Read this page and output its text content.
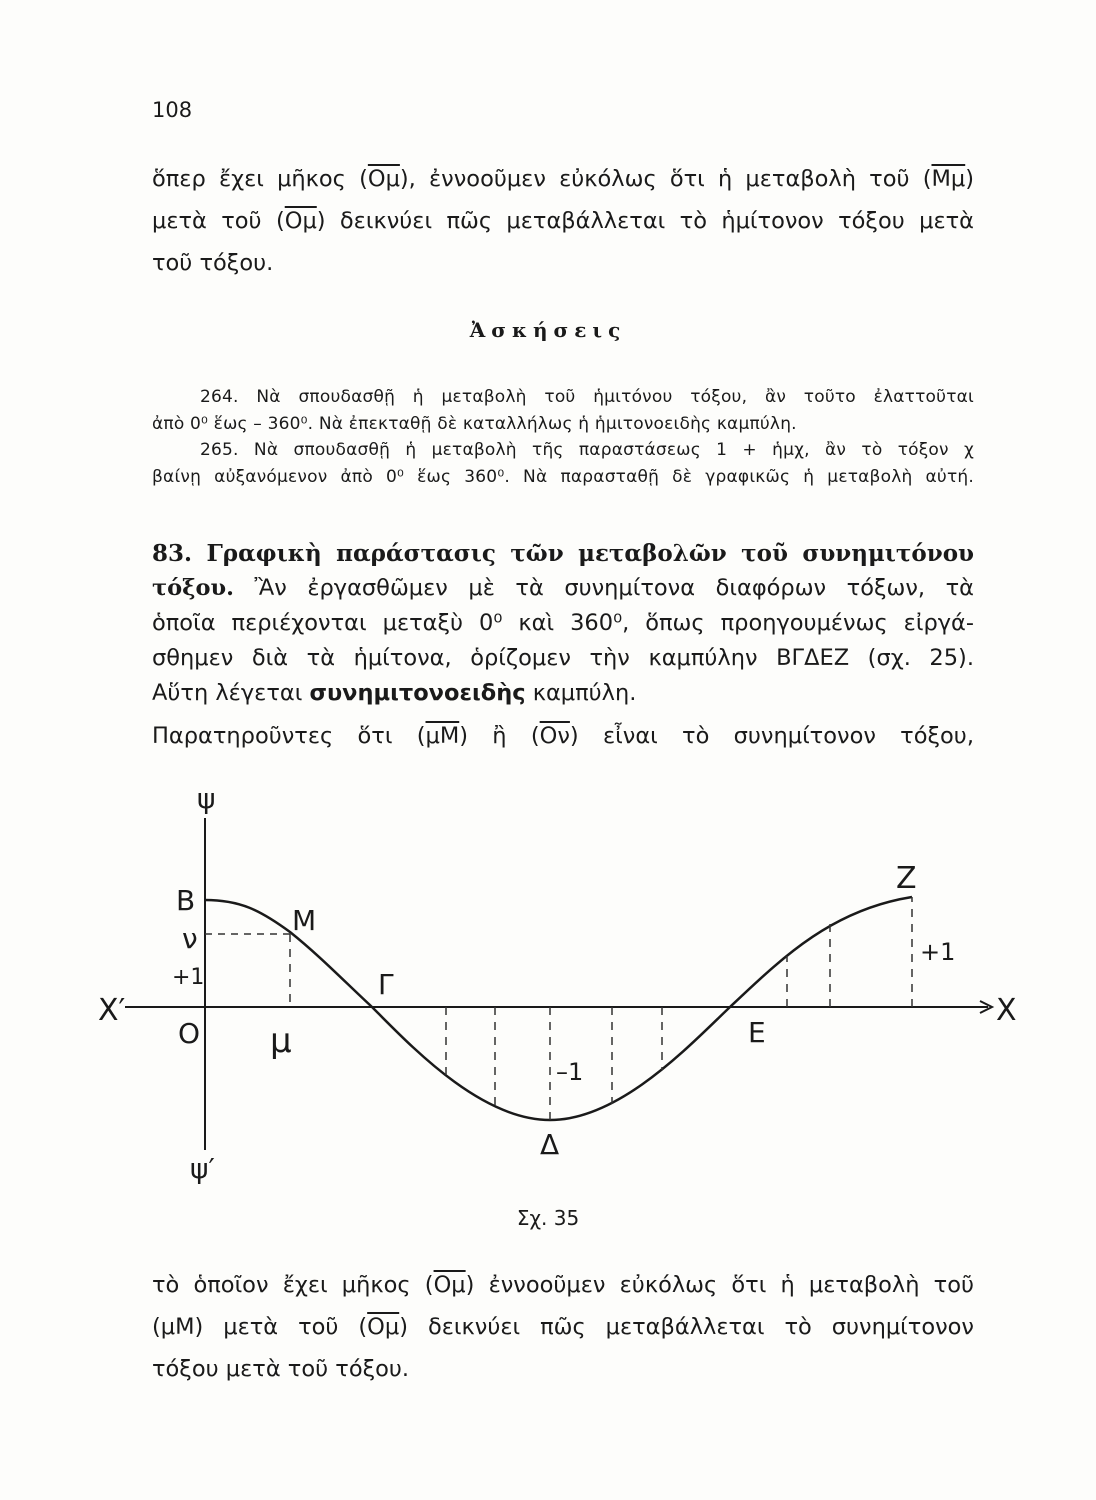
108

ὅπερ ἔχει μῆκος $(\overline{O\mu})$, ἐννοοῦμεν εὐκόλως ὅτι ἡ μεταβολὴ τοῦ $(\overline{M\mu})$
μετὰ τοῦ $(\overline{O\mu})$ δεικνύει πῶς μεταβάλλεται τὸ ἡμίτονον τόξου μετὰ
τοῦ τόξου.

Ἀσκήσεις

264. Νὰ σπουδασθῇ ἡ μεταβολὴ τοῦ ἡμιτόνου τόξου, ἂν τοῦτο ἐλαττοῦται
ἀπὸ 0⁰ ἕως – 360⁰. Νὰ ἐπεκταθῇ δὲ καταλλήλως ἡ ἡμιτονοειδὴς καμπύλη.
265. Νὰ σπουδασθῇ ἡ μεταβολὴ τῆς παραστάσεως 1 + ἡμχ, ἂν τὸ τόξον χ
βαίνῃ αὐξανόμενον ἀπὸ 0⁰ ἕως 360⁰. Νὰ παρασταθῇ δὲ γραφικῶς ἡ μεταβολὴ αὐτή.

83. Γραφικὴ παράστασις τῶν μεταβολῶν τοῦ συνημιτόνου
τόξου. Ἂν ἐργασθῶμεν μὲ τὰ συνημίτονα διαφόρων τόξων, τὰ
ὁποῖα περιέχονται μεταξὺ 0⁰ καὶ 360⁰, ὅπως προηγουμένως εἰργά-
σθημεν διὰ τὰ ἡμίτονα, ὁρίζομεν τὴν καμπύλην ΒΓΔΕΖ (σχ. 25).
Αὕτη λέγεται συνημιτονοειδὴς καμπύλη.
Παρατηροῦντες ὅτι $(\overline{\mu M})$ ἢ $(\overline{O\nu})$ εἶναι τὸ συνημίτονον τόξου,

ψ
ψ′
X′	X
Β
ν
+1
Ο μ
Μ
Γ
Δ
–1
Ε
Ζ
+1
Σχ. 35

τὸ ὁποῖον ἔχει μῆκος $(\overline{O\mu})$ ἐννοοῦμεν εὐκόλως ὅτι ἡ μεταβολὴ τοῦ
(μΜ) μετὰ τοῦ $(\overline{O\mu})$ δεικνύει πῶς μεταβάλλεται τὸ συνημίτονον
τόξου μετὰ τοῦ τόξου.
